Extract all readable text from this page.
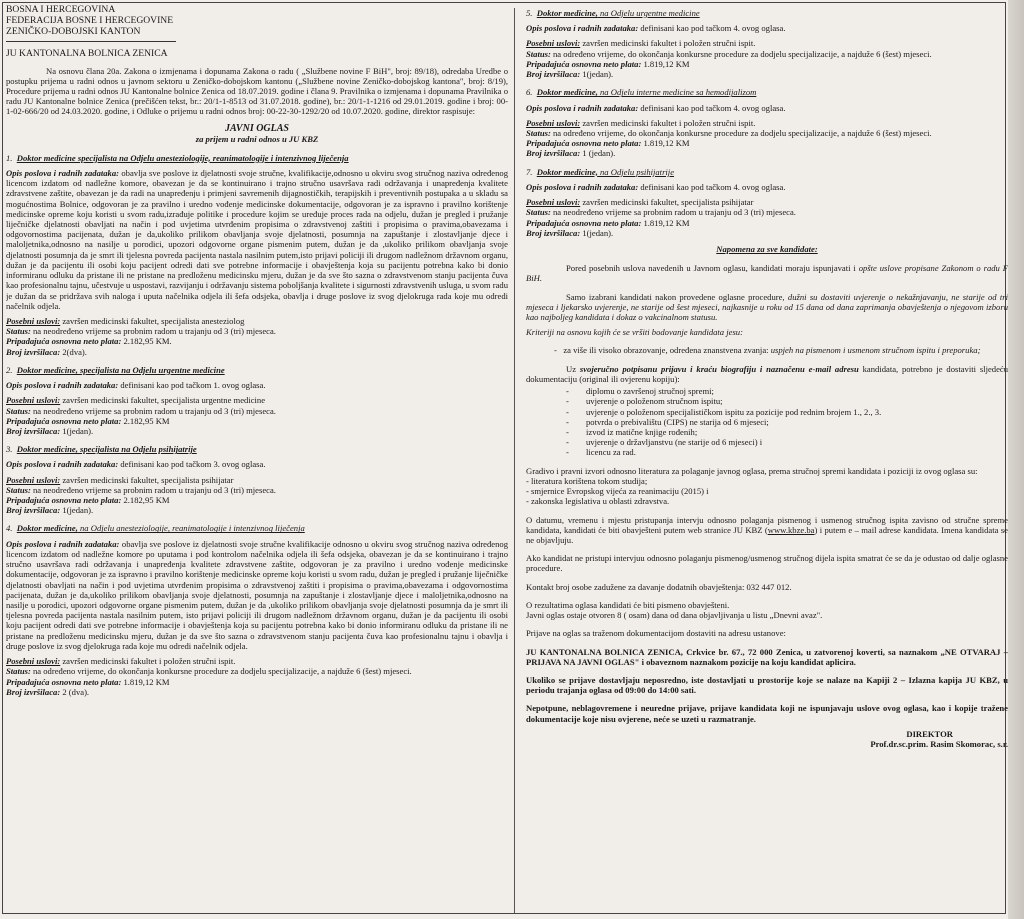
BOSNA I HERCEGOVINA

FEDERACIJA BOSNE I HERCEGOVINE

ZENIČKO-DOBOJSKI KANTON

JU KANTONALNA BOLNICA ZENICA

Na osnovu člana 20a. Zakona o izmjenama i dopunama Zakona o radu ( „Službene novine F BiH", broj: 89/18), odredaba Uredbe o postupku prijema u radni odnos u javnom sektoru u Zeničko-dobojskom kantonu („Službene novine Zeničko-dobojskog kantona", broj: 8/19), Procedure prijema u radni odnos JU Kantonalne bolnice Zenica od 18.07.2019. godine i člana 9. Pravilnika o izmjenama i dopunama Pravilnika o radu JU Kantonalne bolnice Zenica (prečišćen tekst, br.: 20/1-1-8513 od 31.07.2018. godine), br.: 20/1-1-1216 od 29.01.2019. godine i broj: 00-1-02-666/20 od 24.03.2020. godine, i Odluke o prijemu u radni odnos broj: 00-22-30-1292/20 od 10.07.2020. godine, direktor raspisuje:

JAVNI OGLAS

za prijem u radni odnos u JU KBZ

1. Doktor medicine specijalista na Odjelu anesteziologije, reanimatologije i intenzivnog liječenja

Opis poslova i radnih zadataka: obavlja sve poslove iz djelatnosti svoje stručne, kvalifikacije,odnosno u okviru svog stručnog naziva određenog licencom izdatom od nadležne komore, obavezan je da se kontinuirano i trajno stručno usavršava radi održavanja i unapređenja kvalitete zdravstvene zaštite, obavezan je da radi na unapređenju i primjeni savremenih dijagnostičkih, terapijskih i preventivnih postupaka a u skladu sa mogućnostima Bolnice, odgovoran je za pravilno i uredno vođenje medicinske dokumentacije, odgovoran je za ispravno i pravilno korištenje medicinske opreme koju koristi u svom radu,izrađuje politike i procedure kojim se uređuje proces rada na odjelu, dužan je pregled i pružanje liječničke djelatnosti obavljati na način i pod uvjetima utvrđenim propisima o zdravstvenoj zaštiti i propisima o pravima,obavezama i odgovornostima pacijenata, dužan je da,ukoliko prilikom obavljanja svoje djelatnosti, posumnja na zapuštanje i zlostavljanje djece i maloljetnika,odnosno na nasilje u porodici, upozori odgovorne organe pismenim putem, dužan je da ,ukoliko prilikom obavljanja svoje djelatnosti posumnja da je smrt ili tjelesna povreda pacijenta nastala nasilnim putem,isto prijavi policiji ili drugom nadležnom državnom organu, dužan je da pacijentu ili osobi koju pacijent odredi dati sve potrebne informacije i obavještenja koja su pacijentu potrebna kako bi donio informiranu odluku da pristane ili ne pristane na predloženu medicinsku mjeru, dužan je da sve što sazna o zdravstvenom stanju pacijenta čuva kao profesionalnu tajnu, učestvuje u uspostavi, razvijanju i održavanju sistema poboljšanja kvalitete i sigurnosti zdravstvenih usluga, u svom radu je dužan da se pridržava svih naloga i uputa načelnika odjela ili šefa odsjeka, obavlja i druge poslove iz svog djelokruga rada koje mu odredi načelnik odjela.

Posebni uslovi: završen medicinski fakultet, specijalista anesteziolog

Status: na neodređeno vrijeme sa probnim radom u trajanju od 3 (tri) mjeseca.

Pripadajuća osnovna neto plata: 2.182,95 KM.

Broj izvršilaca: 2(dva).

2. Doktor medicine, specijalista na Odjelu urgentne medicine

Opis poslova i radnih zadataka: definisani kao pod tačkom 1. ovog oglasa.

Posebni uslovi: završen medicinski fakultet, specijalista urgentne medicine

Status: na neodređeno vrijeme sa probnim radom u trajanju od 3 (tri) mjeseca.

Pripadajuća osnovna neto plata: 2.182,95 KM

Broj izvršilaca: 1(jedan).

3. Doktor medicine, specijalista na Odjelu psihijatrije

Opis poslova i radnih zadataka: definisani kao pod tačkom 3. ovog oglasa.

Posebni uslovi: završen medicinski fakultet, specijalista psihijatar

Status: na neodređeno vrijeme sa probnim radom u trajanju od 3 (tri) mjeseca.

Pripadajuća osnovna neto plata: 2.182,95 KM

Broj izvršilaca: 1(jedan).

4. Doktor medicine, na Odjelu anesteziologije, reanimatologije i intenzivnog liječenja

Opis poslova i radnih zadataka: obavlja sve poslove iz djelatnosti svoje stručne kvalifikacije odnosno u okviru svog stručnog naziva određenog licencom izdatom od nadležne komore po uputama i pod kontrolom načelnika odjela ili šefa odsjeka, obavezan je da se kontinuirano i trajno stručno usavršava radi održavanja i unapređenja kvalitete zdravstvene zaštite, odgovoran je za pravilno i uredno vođenje medicinske dokumentacije, odgovoran je za ispravno i pravilno korištenje medicinske opreme koju koristi u svom radu, dužan je pregled i pružanje liječničke djelatnosti obavljati na način i pod uvjetima utvrđenim propisima o zdravstvenoj zaštiti i propisima o pravima,obavezama i odgovornostima pacijenata, dužan je da,ukoliko prilikom obavljanja svoje djelatnosti, posumnja na zapuštanje i zlostavljanje djece i maloljetnika,odnosno na nasilje u porodici, upozori odgovorne organe pismenim putem, dužan je da ,ukoliko prilikom obavljanja svoje djelatnosti posumnja da je smrt ili tjelesna povreda pacijenta nastala nasilnim putem, isto prijavi policiji ili drugom nadležnom državnom organu, dužan je da pacijentu ili osobi koju pacijent odredi dati sve potrebne informacije i obavještenja koja su pacijentu potrebna kako bi donio informiranu odluku da pristane ili ne pristane na predloženu medicinsku mjeru, dužan je da sve što sazna o zdravstvenom stanju pacijenta čuva kao profesionalnu tajnu i obavlja i druge poslove iz svog djelokruga rada koje mu odredi načelnik odjela.

Posebni uslovi: završen medicinski fakultet i položen stručni ispit.

Status: na određeno vrijeme, do okončanja konkursne procedure za dodjelu specijalizacije, a najduže 6 (šest) mjeseci.

Pripadajuća osnovna neto plata: 1.819,12 KM

Broj izvršilaca: 2 (dva).

5. Doktor medicine, na Odjelu urgentne medicine

Opis poslova i radnih zadataka: definisani kao pod tačkom 4. ovog oglasa.

Posebni uslovi: završen medicinski fakultet i položen stručni ispit.

Status: na određeno vrijeme, do okončanja konkursne procedure za dodjelu specijalizacije, a najduže 6 (šest) mjeseci.

Pripadajuća osnovna neto plata: 1.819,12 KM

Broj izvršilaca: 1(jedan).

6. Doktor medicine, na Odjelu interne medicine sa hemodijalizom

Opis poslova i radnih zadataka: definisani kao pod tačkom 4. ovog oglasa.

Posebni uslovi: završen medicinski fakultet i položen stručni ispit.

Status: na određeno vrijeme, do okončanja konkursne procedure za dodjelu specijalizacije, a najduže 6 (šest) mjeseci.

Pripadajuća osnovna neto plata: 1.819,12 KM

Broj izvršilaca: 1 (jedan).

7. Doktor medicine, na Odjelu psihijatrije

Opis poslova i radnih zadataka: definisani kao pod tačkom 4. ovog oglasa.

Posebni uslovi: završen medicinski fakultet, specijalista psihijatar

Status: na neodređeno vrijeme sa probnim radom u trajanju od 3 (tri) mjeseca.

Pripadajuća osnovna neto plata: 1.819,12 KM

Broj izvršilaca: 1(jedan).

Napomena za sve kandidate:

Pored posebnih uslova navedenih u Javnom oglasu, kandidati moraju ispunjavati i opšte uslove propisane Zakonom o radu F BiH.

Samo izabrani kandidati nakon provedene oglasne procedure, dužni su dostaviti uvjerenje o nekažnjavanju, ne starije od tri mjeseca i ljekarsko uvjerenje, ne starije od šest mjeseci, najkasnije u roku od 15 dana od dana zaprimanja obavještenja o njegovom izboru kao najboljeg kandidata i dokaz o vakcinalnom statusu.

Kriteriji na osnovu kojih će se vršiti bodovanje kandidata jesu:

-   za više ili visoko obrazovanje, određena znanstvena zvanja: uspjeh na pismenom i usmenom stručnom ispitu i preporuka;

Uz svojeručno potpisanu prijavu i kraću biografiju i naznačenu e-mail adresu kandidata, potrebno je dostaviti sljedeću dokumentaciju (original ili ovjerenu kopiju):

- diplomu o završenoj stručnoj spremi;
- uvjerenje o položenom stručnom ispitu;
- uvjerenje o položenom specijalističkom ispitu za pozicije pod rednim brojem 1., 2., 3.
- potvrda o prebivalištu (CIPS) ne starija od 6 mjeseci;
- izvod iz matične knjige rođenih;
- uvjerenje o državljanstvu (ne starije od 6 mjeseci) i
- licencu za rad.

Gradivo i pravni izvori odnosno literatura za polaganje javnog oglasa, prema stručnoj spremi kandidata i poziciji iz ovog oglasa su:

- literatura korištena tokom studija;
- smjernice Evropskog vijeća za reanimaciju (2015) i
- zakonska legislativa u oblasti zdravstva.

O datumu, vremenu i mjestu pristupanja intervju odnosno polaganja pismenog i usmenog stručnog ispita zavisno od stručne spreme kandidata, kandidati će biti obavješteni putem web stranice JU KBZ (www.kbze.ba) i putem e – mail adrese kandidata. Imena kandidata se ne objavljuju.

Ako kandidat ne pristupi intervjuu odnosno polaganju pismenog/usmenog stručnog dijela ispita smatrat će se da je odustao od dalje oglasne procedure.

Kontakt broj osobe zadužene za davanje dodatnih obavještenja: 032 447 012.

O rezultatima oglasa kandidati će biti pismeno obavješteni.

Javni oglas ostaje otvoren 8 ( osam) dana od dana objavljivanja u listu „Dnevni avaz".

Prijave na oglas sa traženom dokumentacijom dostaviti na adresu ustanove:

JU KANTONALNA BOLNICA ZENICA, Crkvice br. 67., 72 000 Zenica, u zatvorenoj koverti, sa naznakom „NE OTVARAJ – PRIJAVA NA JAVNI OGLAS" i obaveznom naznakom pozicije na koju kandidat aplicira.

Ukoliko se prijave dostavljaju neposredno, iste dostavljati u prostorije koje se nalaze na Kapiji 2 – Izlazna kapija JU KBZ, u periodu trajanja oglasa od 09:00 do 14:00 sati.

Nepotpune, neblagovremene i neuredne prijave, prijave kandidata koji ne ispunjavaju uslove ovog oglasa, kao i kopije tražene dokumentacije koje nisu ovjerene, neće se uzeti u razmatranje.

DIREKTOR

Prof.dr.sc.prim. Rasim Skomorac, s.r.
